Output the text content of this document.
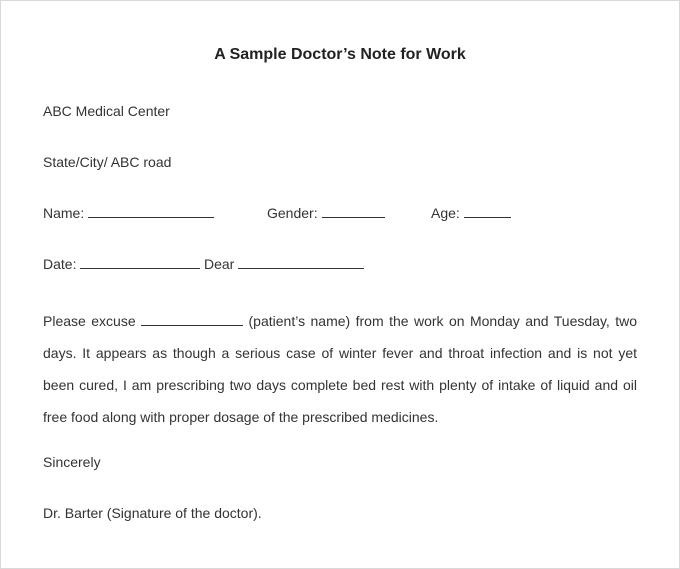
A Sample Doctor’s Note for Work
ABC Medical Center
State/City/ ABC road
Name:	Gender:	Age:
Date:	Dear
Please excuse	(patient’s name) from the work on Monday and Tuesday, two days. It appears as though a serious case of winter fever and throat infection and is not yet been cured, I am prescribing two days complete bed rest with plenty of intake of liquid and oil free food along with proper dosage of the prescribed medicines.
Sincerely
Dr. Barter (Signature of the doctor).
